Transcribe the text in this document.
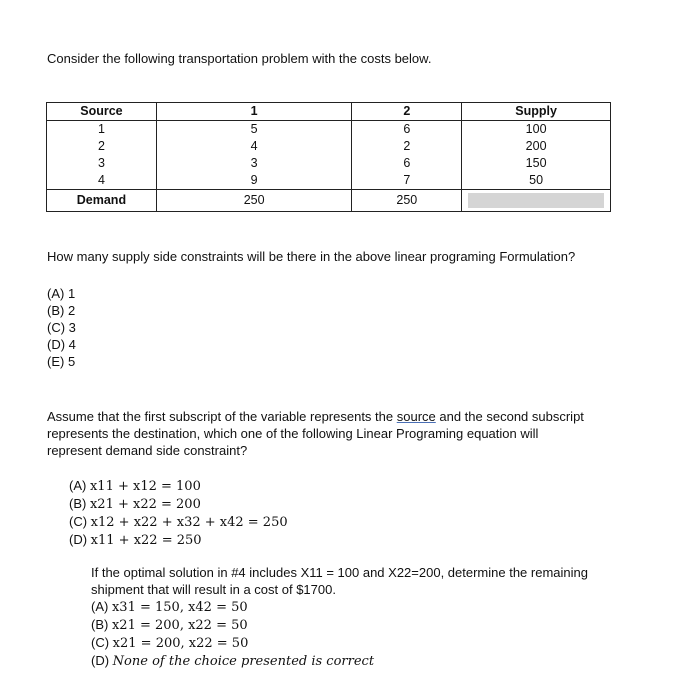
Consider the following transportation problem with the costs below.
Source	1	2	Supply
1	5	6	100
2	4	2	200
3	3	6	150
4	9	7	50
Demand	250	250	
How many supply side constraints will be there in the above linear programing Formulation?
(A) 1
(B) 2
(C) 3
(D) 4
(E) 5
Assume that the first subscript of the variable represents the source and the second subscript
represents the destination, which one of the following Linear Programing equation will
represent demand side constraint?
(A) x11 + x12 = 100
(B) x21 + x22 = 200
(C) x12 + x22 + x32 + x42 = 250
(D) x11 + x22 = 250
If the optimal solution in #4 includes X11 = 100 and X22=200, determine the remaining
shipment that will result in a cost of $1700.
(A) x31 = 150, x42 = 50
(B) x21 = 200, x22 = 50
(C) x21 = 200, x22 = 50
(D) None of the choice presented is correct
